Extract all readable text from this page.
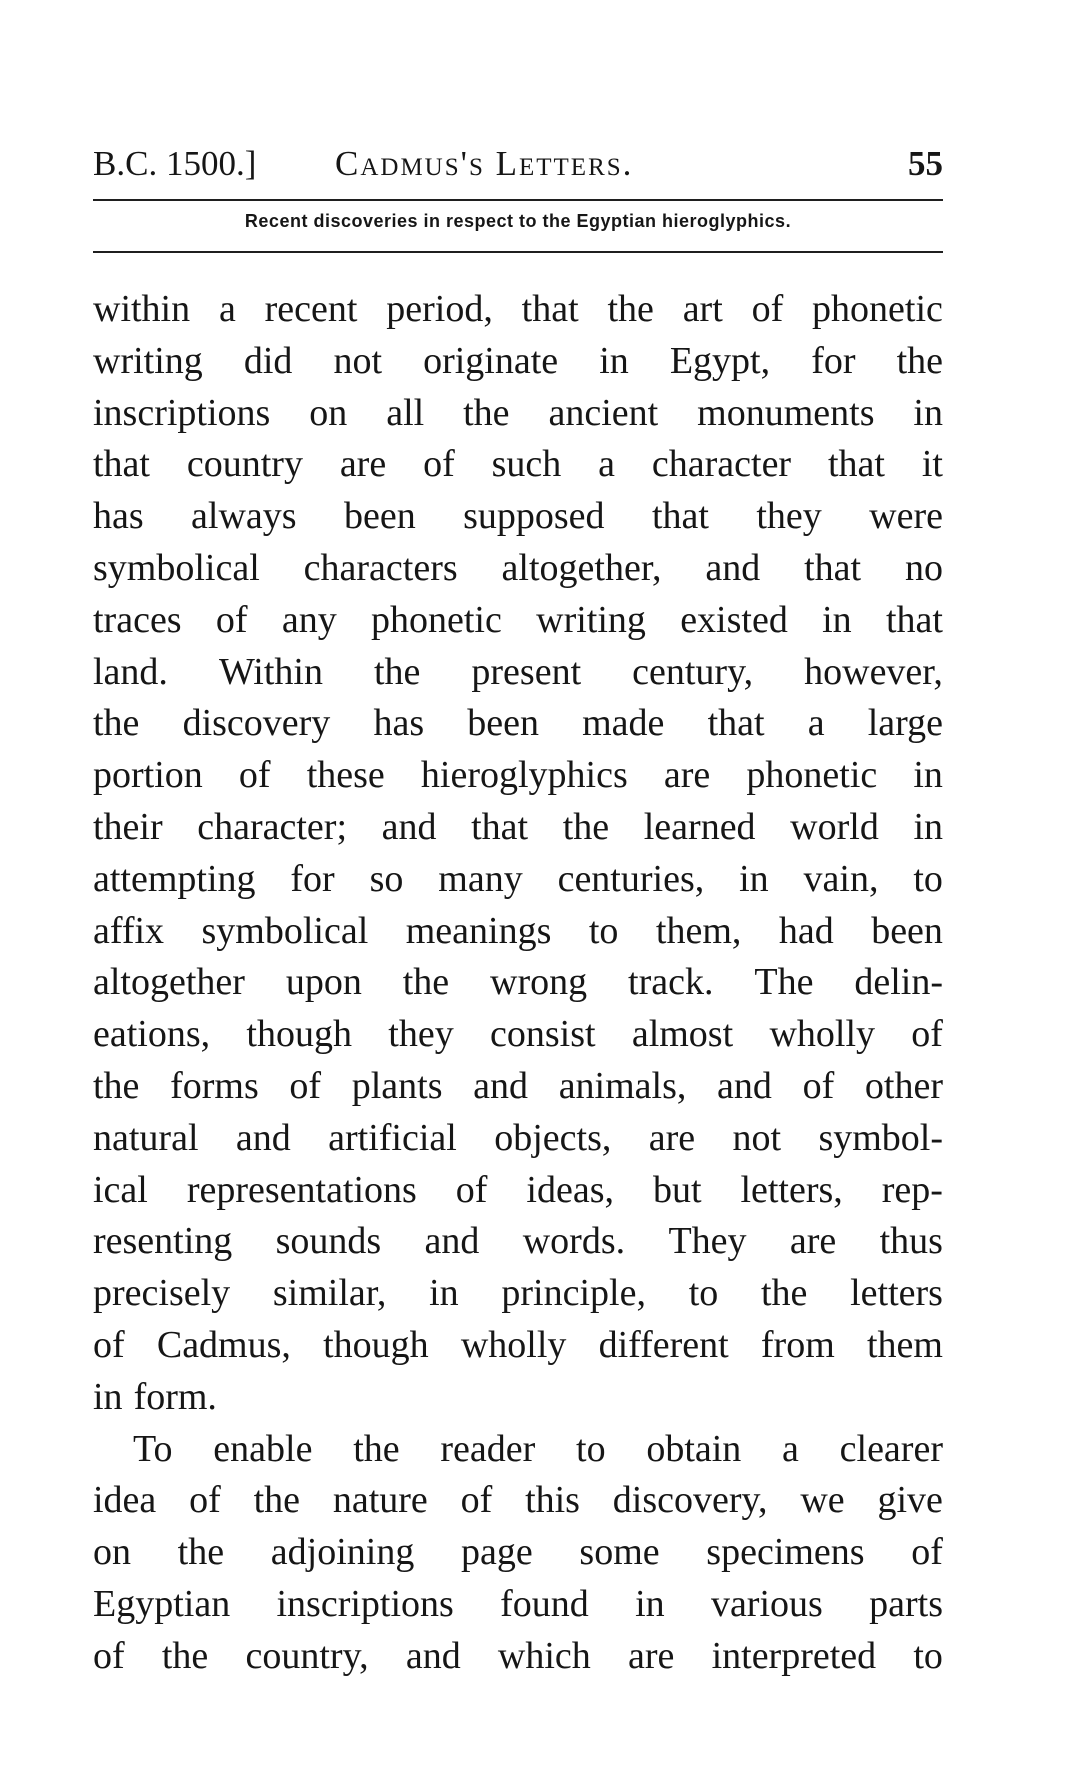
B.C. 1500.] Cadmus's Letters.	55
Recent discoveries in respect to the Egyptian hieroglyphics.
within a recent period, that the art of phonetic
writing did not originate in Egypt, for the
inscriptions on all the ancient monuments in
that country are of such a character that it
has always been supposed that they were
symbolical characters altogether, and that no
traces of any phonetic writing existed in that
land. Within the present century, however,
the discovery has been made that a large
portion of these hieroglyphics are phonetic in
their character; and that the learned world in
attempting for so many centuries, in vain, to
affix symbolical meanings to them, had been
altogether upon the wrong track. The delin-
eations, though they consist almost wholly of
the forms of plants and animals, and of other
natural and artificial objects, are not symbol-
ical representations of ideas, but letters, rep-
resenting sounds and words. They are thus
precisely similar, in principle, to the letters
of Cadmus, though wholly different from them
in form.
To enable the reader to obtain a clearer
idea of the nature of this discovery, we give
on the adjoining page some specimens of
Egyptian inscriptions found in various parts
of the country, and which are interpreted to
